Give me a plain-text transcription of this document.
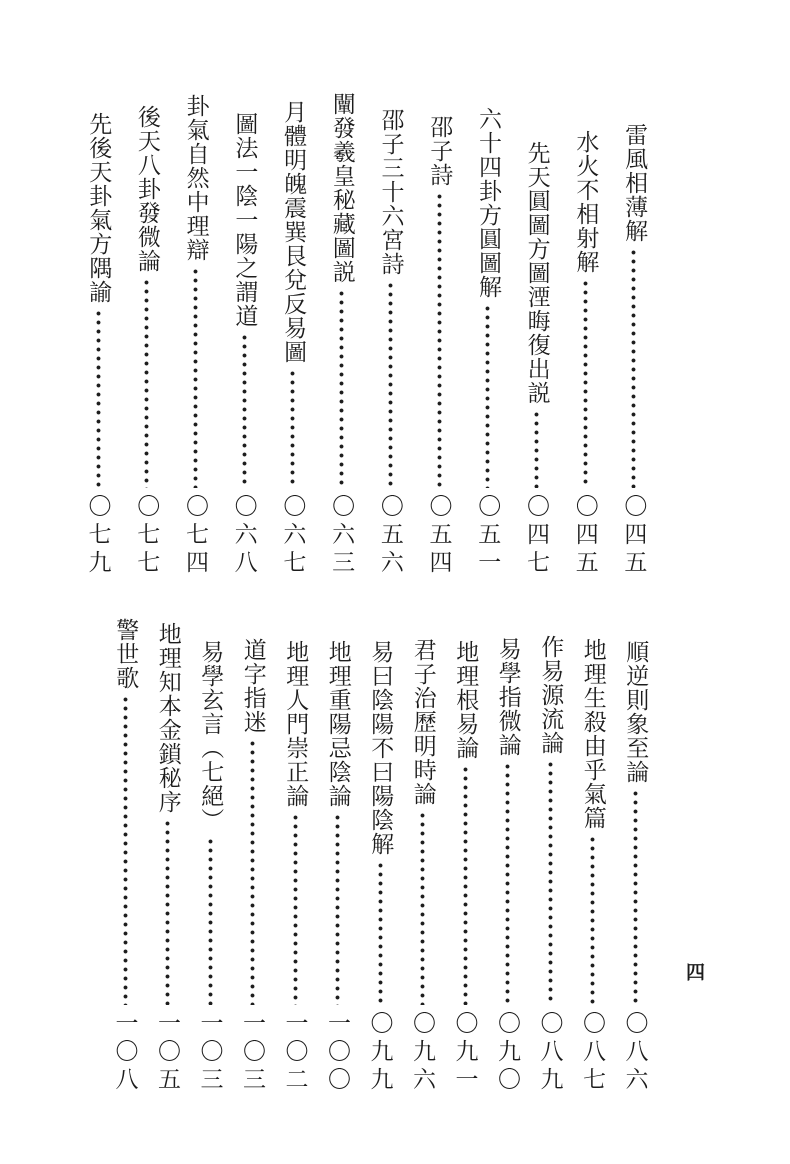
雷風相薄解
〇四五
水火不相射解
〇四五
先天圓圖方圖湮晦復出説
〇四七
六十四卦方圓圖解
〇五一
邵子詩
〇五四
邵子三十六宮詩
〇五六
闡發羲皇秘藏圖説
〇六三
月體明魄震巽艮兌反易圖
〇六七
圖法一陰一陽之謂道
〇六八
卦氣自然中理辯
〇七四
後天八卦發微論
〇七七
先後天卦氣方隅諭
〇七九
順逆則象至論
〇八六
地理生殺由乎氣篇
〇八七
作易源流論
〇八九
易學指微論
〇九〇
地理根易論
〇九一
君子治歷明時論
〇九六
易曰陰陽不曰陽陰解
〇九九
地理重陽忌陰論
一〇〇
地理人門崇正論
一〇二
道字指迷
一〇三
易學玄言（七絕）
一〇三
地理知本金鎖秘序
一〇五
警世歌
一〇八
四
